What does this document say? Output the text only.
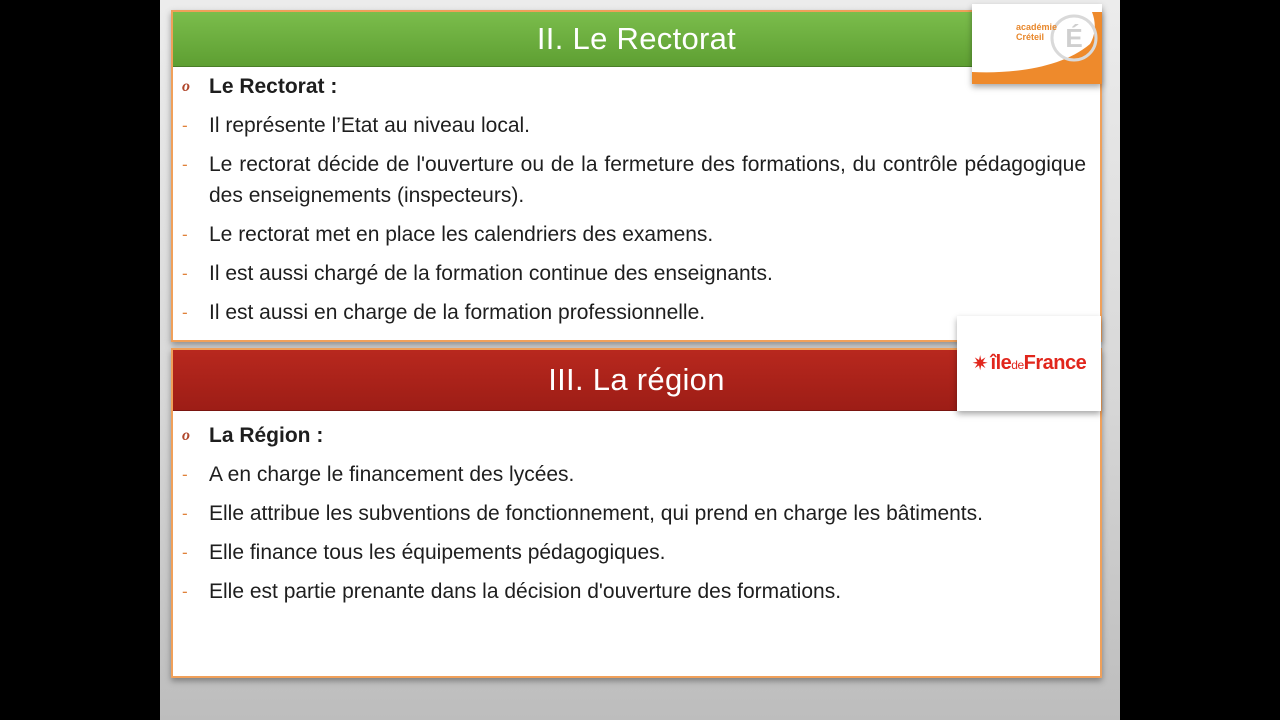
II. Le Rectorat
o Le Rectorat :
-	Il représente l’Etat au niveau local.
-	Le rectorat décide de l'ouverture ou de la fermeture des formations, du contrôle pédagogique des enseignements (inspecteurs).
-	Le rectorat met en place les calendriers des examens.
-	Il est aussi chargé de la formation continue des enseignants.
-	Il est aussi en charge de la formation professionnelle.
III. La région
o La Région :
-	A en charge le financement des lycées.
-	Elle attribue les subventions de fonctionnement, qui prend en charge les bâtiments.
-	Elle finance tous les équipements pédagogiques.
-	Elle est partie prenante dans la décision d'ouverture des formations.
É
académie
Créteil
✷ îledeFrance
